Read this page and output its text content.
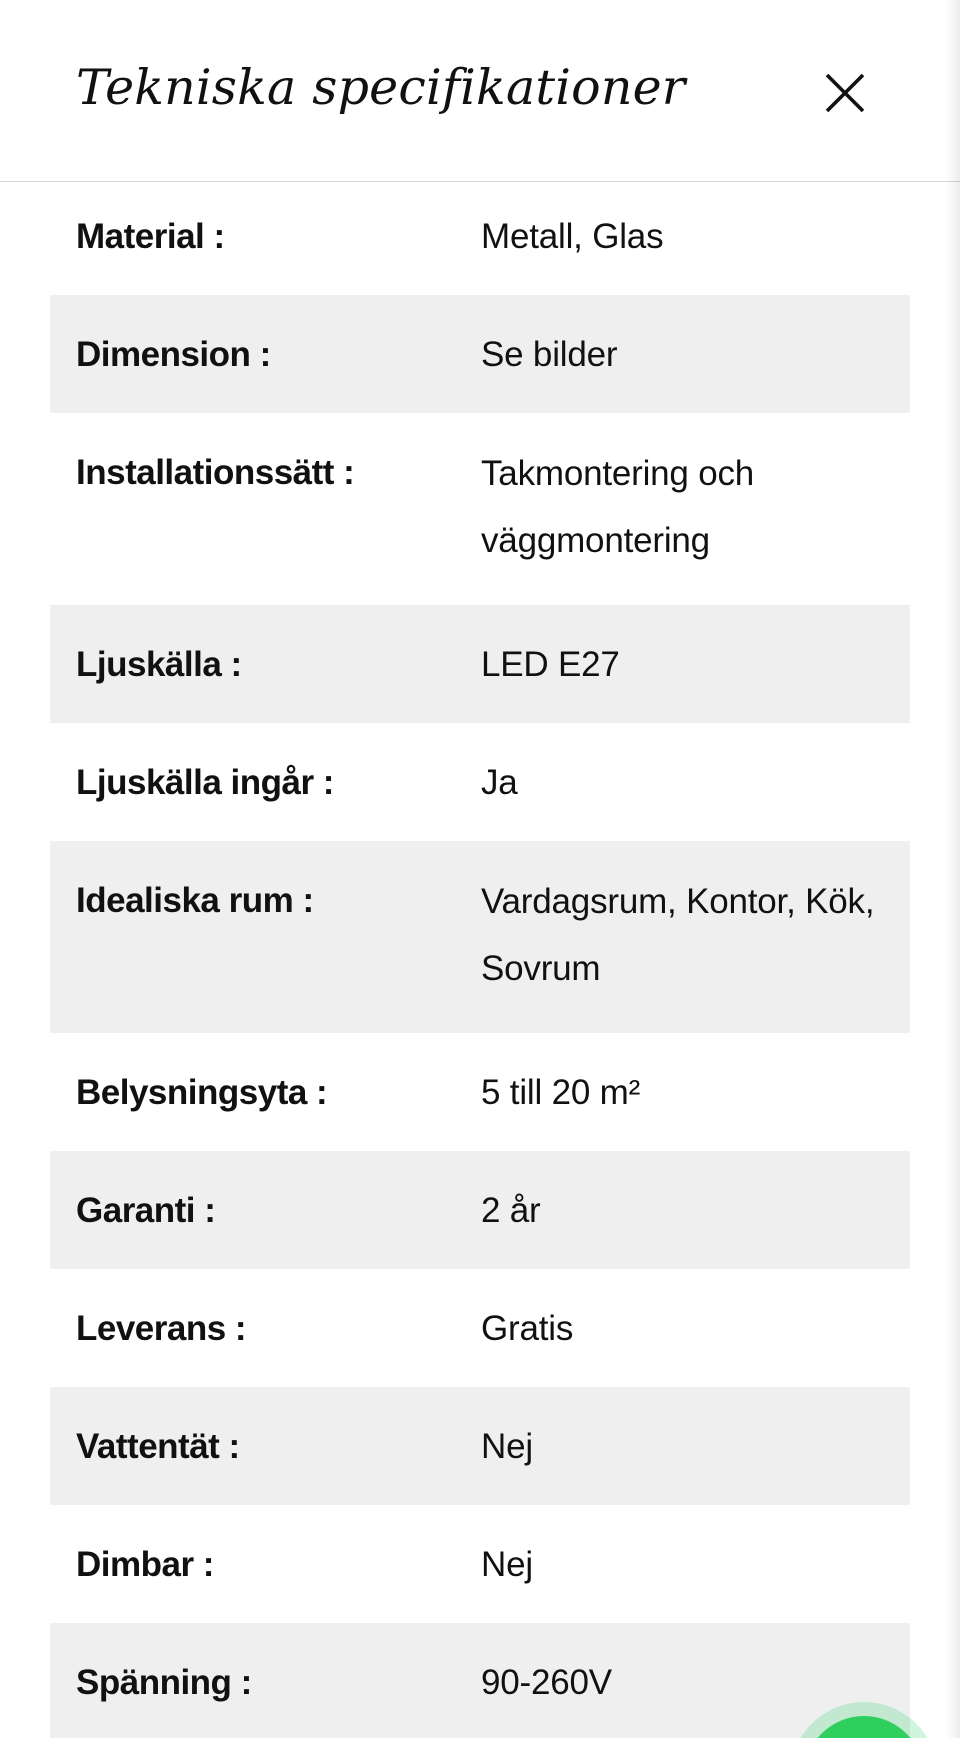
Tekniska specifikationer
Material :	Metall, Glas
Dimension :	Se bilder
Installationssätt :	Takmontering och väggmontering
Ljuskälla :	LED E27
Ljuskälla ingår :	Ja
Idealiska rum :	Vardagsrum, Kontor, Kök, Sovrum
Belysningsyta :	5 till 20 m²
Garanti :	2 år
Leverans :	Gratis
Vattentät :	Nej
Dimbar :	Nej
Spänning :	90-260V
